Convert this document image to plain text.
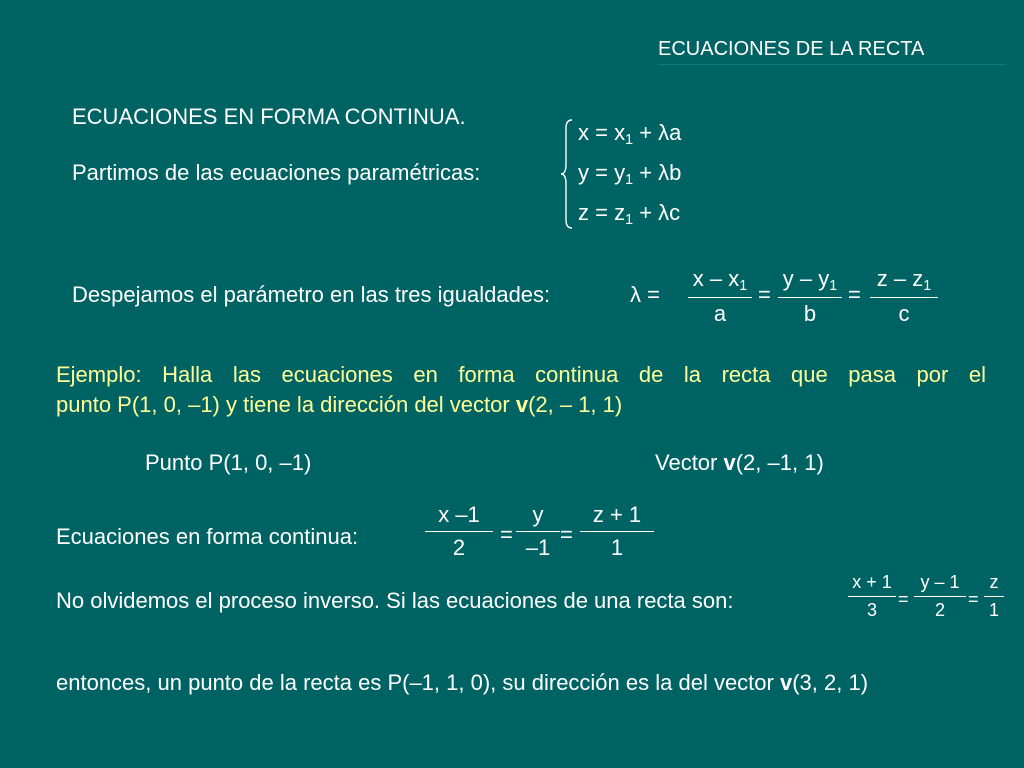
ECUACIONES DE LA RECTA
ECUACIONES EN FORMA CONTINUA.
Partimos de las ecuaciones paramétricas:
$x = x_1 + \lambda a$
$y = y_1 + \lambda b$
$z = z_1 + \lambda c$
Despejamos el parámetro en las tres igualdades:	λ =
x – $x_1$
a
=
y – $y_1$
b
=
z – $z_1$
c
Ejemplo: Halla las ecuaciones en forma continua de la recta que pasa por el
punto P(1, 0, –1) y tiene la dirección del vector v(2, – 1, 1)
Punto P(1, 0, –1)	Vector v(2, –1, 1)
Ecuaciones en forma continua:
x –1
2
=
y
–1
=
z + 1
1
No olvidemos el proceso inverso. Si las ecuaciones de una recta son:
x + 1
3
=
y – 1
2
=
z
1
entonces, un punto de la recta es P(–1, 1, 0), su dirección es la del vector v(3, 2, 1)
